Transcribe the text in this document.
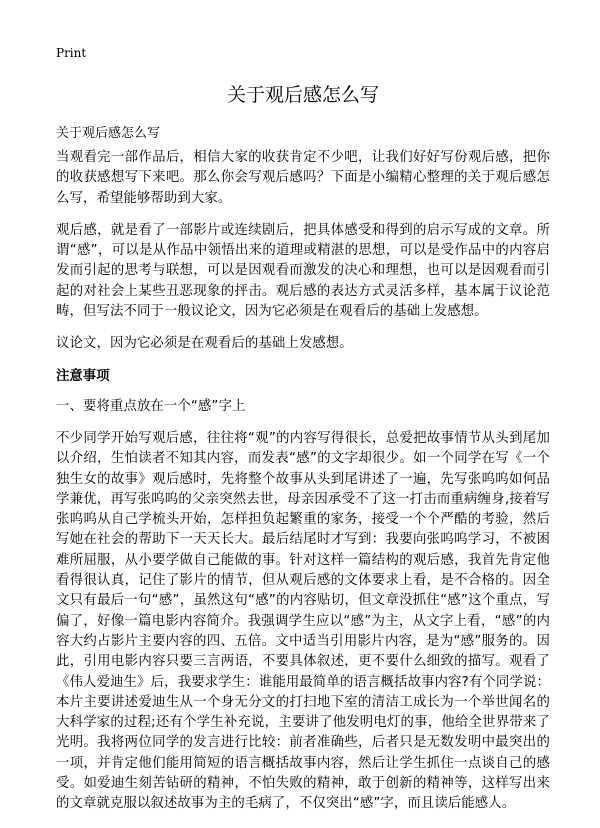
Print
关于观后感怎么写
关于观后感怎么写

当观看完一部作品后，相信大家的收获肯定不少吧，让我们好好写份观后感，把你的收获感想写下来吧。那么你会写观后感吗？下面是小编精心整理的关于观后感怎么写，希望能够帮助到大家。

观后感，就是看了一部影片或连续剧后，把具体感受和得到的启示写成的文章。所谓“感”，可以是从作品中领悟出来的道理或精湛的思想，可以是受作品中的内容启发而引起的思考与联想，可以是因观看而激发的决心和理想，也可以是因观看而引起的对社会上某些丑恶现象的抨击。观后感的表达方式灵活多样，基本属于议论范畴，但写法不同于一般议论文，因为它必须是在观看后的基础上发感想。

议论文，因为它必须是在观看后的基础上发感想。

注意事项

一、要将重点放在一个“感”字上

不少同学开始写观后感，往往将“观”的内容写得很长，总爱把故事情节从头到尾加以介绍，生怕读者不知其内容，而发表“感”的文字却很少。如一个同学在写《一个独生女的故事》观后感时，先将整个故事从头到尾讲述了一遍，先写张呜呜如何品学兼优，再写张呜呜的父亲突然去世，母亲因承受不了这一打击而重病缠身,接着写张呜呜从自己学梳头开始，怎样担负起繁重的家务，接受一个个严酷的考验，然后写她在社会的帮助下一天天长大。最后结尾时才写到：我要向张呜呜学习，不被困难所屈服，从小要学做自己能做的事。针对这样一篇结构的观后感，我首先肯定他看得很认真，记住了影片的情节，但从观后感的文体要求上看，是不合格的。因全文只有最后一句“感”，虽然这句“感”的内容贴切，但文章没抓住“感”这个重点，写偏了，好像一篇电影内容简介。我强调学生应以“感”为主，从文字上看，“感”的内容大约占影片主要内容的四、五倍。文中适当引用影片内容，是为“感”服务的。因此，引用电影内容只要三言两语，不要具体叙述，更不要什么细致的描写。观看了《伟人爱迪生》后，我要求学生：谁能用最简单的语言概括故事内容?有个同学说：本片主要讲述爱迪生从一个身无分文的打扫地下室的清洁工成长为一个举世闻名的大科学家的过程;还有个学生补充说，主要讲了他发明电灯的事，他给全世界带来了光明。我将两位同学的发言进行比较：前者准确些，后者只是无数发明中最突出的一项，并肯定他们能用简短的语言概括故事内容，然后让学生抓住一点谈自己的感受。如爱迪生刻苦钻研的精神，不怕失败的精神，敢于创新的精神等，这样写出来的文章就克服以叙述故事为主的毛病了，不仅突出“感”字，而且读后能感人。
